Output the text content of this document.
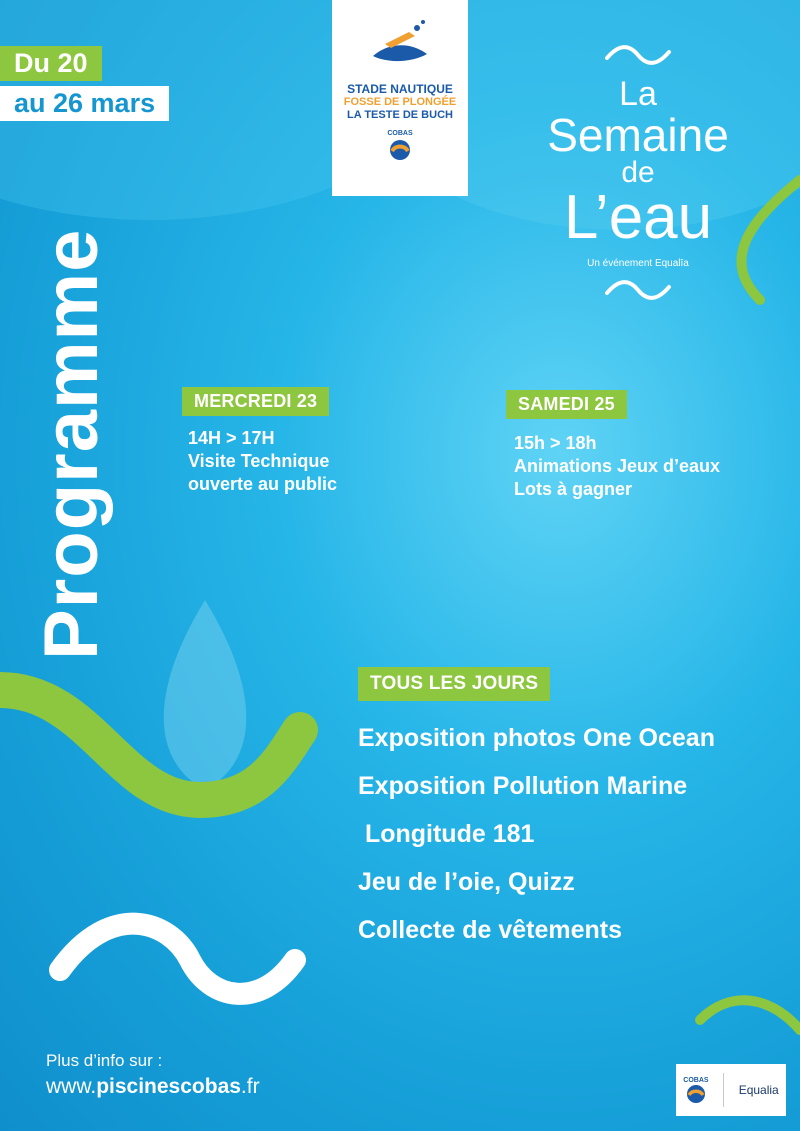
Du 20
au 26 mars	STADE NAUTIQUE
FOSSE DE PLONGÉE
LA TESTE DE BUCH
COBAS
La
Semaine
de
L’eau
Un événement Equalīa
Programme	MERCREDI 23
14H > 17H
Visite Technique
ouverte au public
SAMEDI 25
15h > 18h
Animations Jeux d’eaux
Lots à gagner
TOUS LES JOURS
Exposition photos One Ocean
Exposition Pollution Marine
Longitude 181
Jeu de l’oie, Quizz
Collecte de vêtements
Plus d’info sur :
www.piscinescobas.fr	COBAS
Equalia
